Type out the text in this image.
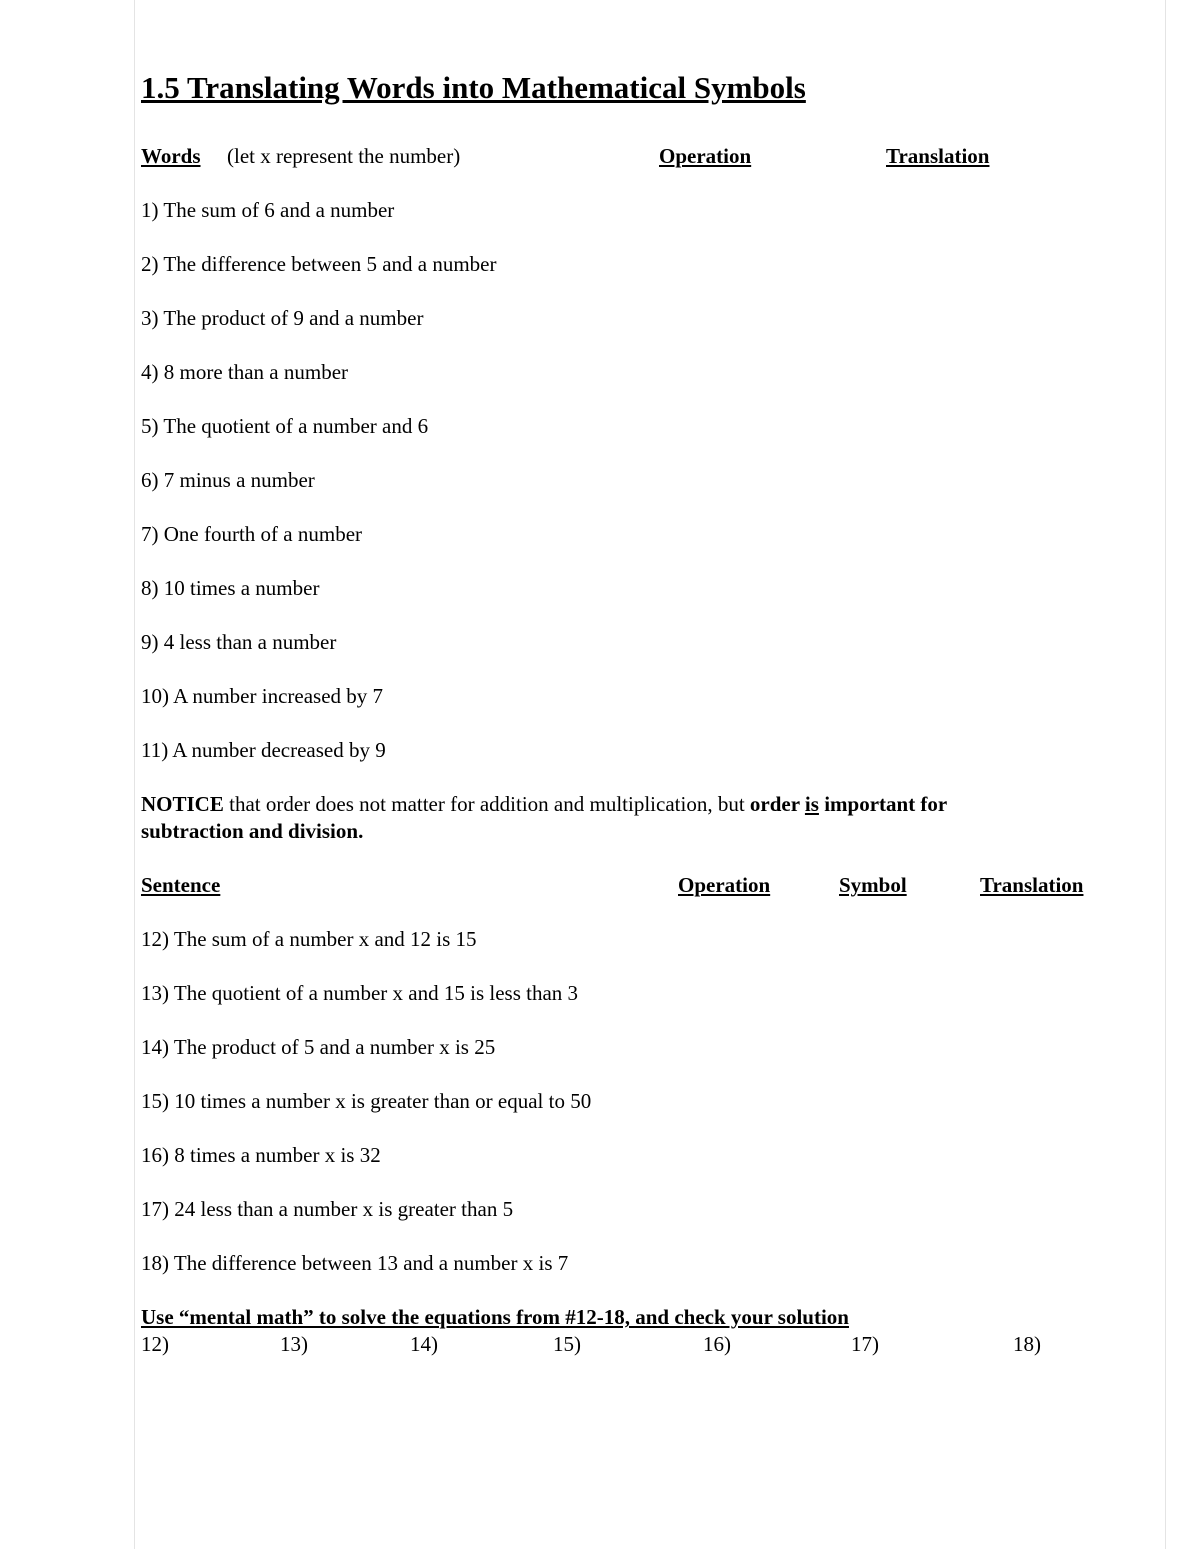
1.5 Translating Words into Mathematical Symbols
Words (let x represent the number)	Operation	Translation
1) The sum of 6 and a number
2) The difference between 5 and a number
3) The product of 9 and a number
4) 8 more than a number
5) The quotient of a number and 6
6) 7 minus a number
7) One fourth of a number
8) 10 times a number
9) 4 less than a number
10) A number increased by 7
11) A number decreased by 9
NOTICE that order does not matter for addition and multiplication, but order is important for
subtraction and division.
Sentence	Operation	Symbol	Translation
12) The sum of a number x and 12 is 15
13) The quotient of a number x and 15 is less than 3
14) The product of 5 and a number x is 25
15) 10 times a number x is greater than or equal to 50
16) 8 times a number x is 32
17) 24 less than a number x is greater than 5
18) The difference between 13 and a number x is 7
Use “mental math” to solve the equations from #12-18, and check your solution
12)	13)	14)	15)	16)	17)	18)
